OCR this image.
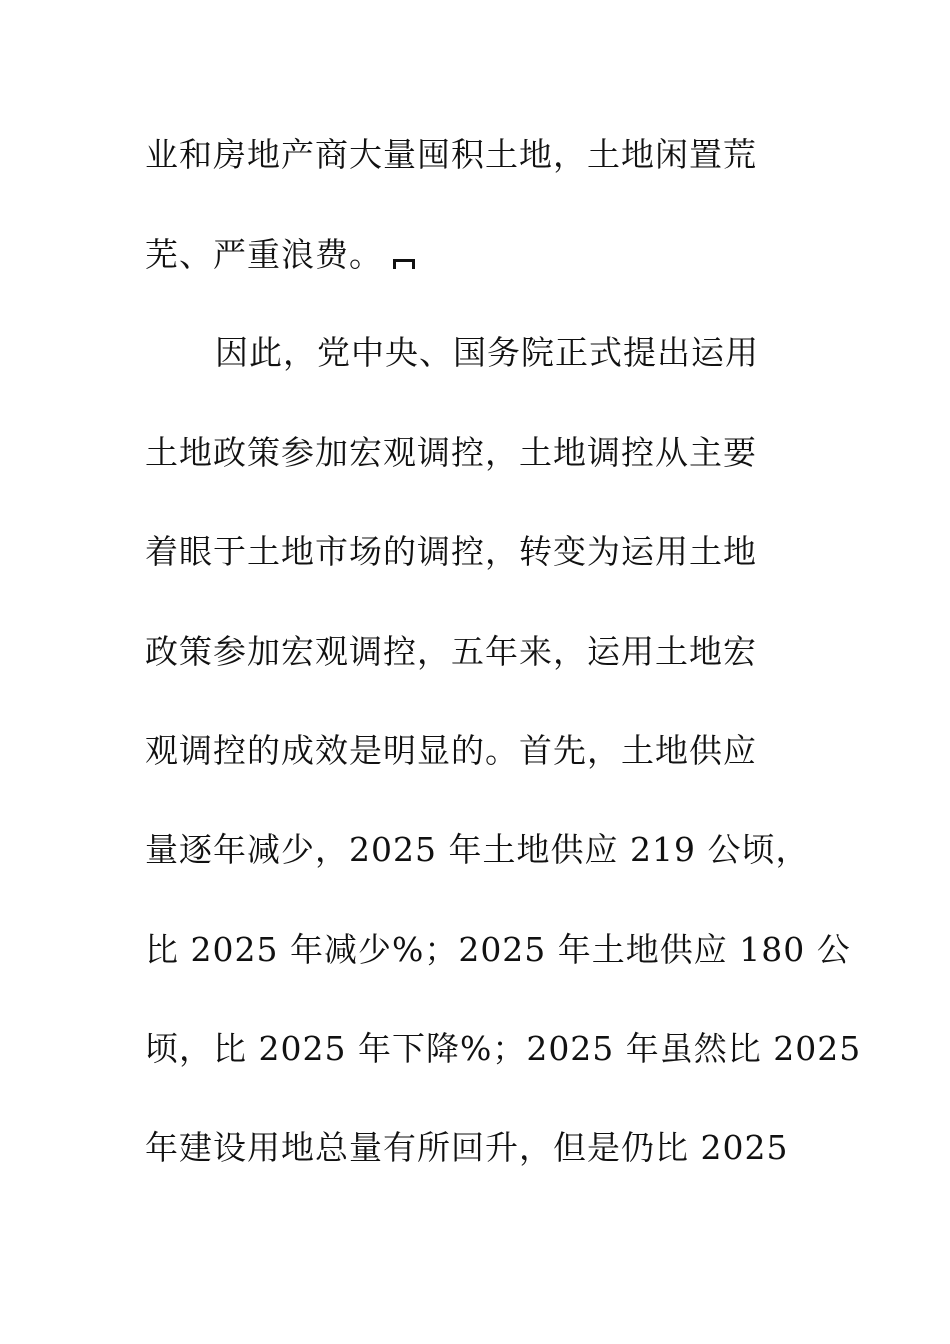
业和房地产商大量囤积土地，土地闲置荒
芜、严重浪费。
因此，党中央、国务院正式提出运用
土地政策参加宏观调控，土地调控从主要
着眼于土地市场的调控，转变为运用土地
政策参加宏观调控，五年来，运用土地宏
观调控的成效是明显的。首先，土地供应
量逐年减少，2025 年土地供应 219 公顷，
比 2025 年减少%；2025 年土地供应 180 公
顷，比 2025 年下降%；2025 年虽然比 2025
年建设用地总量有所回升，但是仍比 2025
